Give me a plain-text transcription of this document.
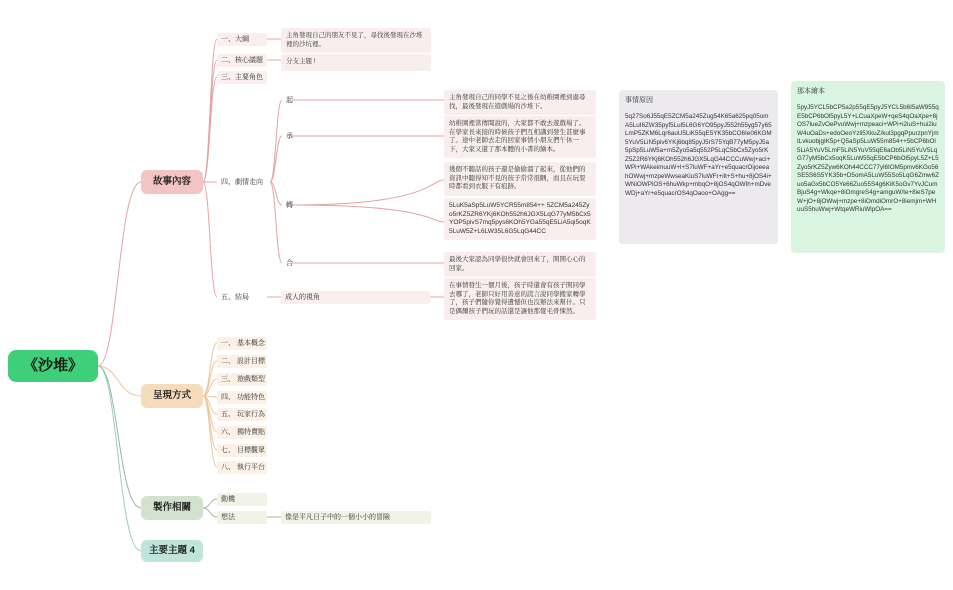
《沙堆》
故事內容
呈現方式
製作相關
主要主題 4
一、大綱
主角發現自己的朋友不見了，尋找後發現在沙堆裡的沙坑裡。
二、核心議題	分支主題 !
三、主要角色
四、劇情走向
起	主角發現自己的同學不見之後在幼稚園裡到處尋找，最後發現在遊戲場的沙堆下。
承
幼稚園裡當傳聞說的，大家都不敢去遊戲場了。在學家長來接的時候孩子們互相講到發生甚麼事了。途中老師去走的回家事情小朋友們午休一下，大家又還了那本體的小書的繪本。
轉
幾個不聽話的孩子還是偷偷溜了起來，從他們的資訊中聽得知不見的孩子常常很睏，而且在玩耍時都看到衣服下有痕跡。
5LuK5aSp5LuW5YCR55m854++ 5ZCM5a245Zyo5rKZ5ZR6YKj6KOh552h6JGX5LqG77yM5bCx5YOP5pivS7mq5pys6KOh5YGa55qE5LiA5qi5oqK5LuW5Z+L6LW35L6G5LqG44CC
合
最後大家認為同學很快就會回來了，開開心心的回家。
五、結局	成人的視角
在事情發生一個月後，孩子時還會有孩子開同學去哪了，老師只好用善意的謊言說同學搬家轉學了，孩子們隨你覺得遺憾但也沒辦法來幫什。只是偶爾孩子們玩的話還是讓他那覺毛骨悚然。
一、 基本概念
二、 設計目標
三、 遊戲類型
四、 功能特色
五、 玩家行為
六、 獨特賣點
七、 目標觀眾
八、 執行平台
動機
想法	像是平凡日子中的一個小小的冒險
事情原因
5q27So6J55qE5ZCM5a245Zug54K65a625pq05omA5LuI6ZW35pyf5Lul5L6G6YO95pyJ552h55yg57y65LmP5ZKM6Lqr6auU5LiK55qE5YK35bCO6Ie06KGM5YuV5LiN5piv6YKj6bq85pyJ5rS75YqB77yM5pyJ5a5pSp5LuW5a+m5Zyo5a5q552P5LqC5bCx5Zyo5rKZ5Z2R6YKj6KOh552h6JGX5LqG44CCCuWwj+aci+WPi+WAkeimuuW+l+S7luWF+aYr+e5quacrOijoeeahOWwj+mzpeWwseaKiuS7luWFr+ilt+S+hu+8jOS4i+WNiOWPiOS+6huWkp+mbqO+8jOS4qOWIh+mDveWDj+aYr+e5quacrOS4qOaoo+OAgg==
那本繪本
5pyJ5YCL5bCP5a2p55qE5pyJ5YCL5b6I5aW955qE5bCP6bOl5pyL5Y+LCuaXpeW+qeS4qOaXpe+8jOS7lueZvOePvuWwj+mzpeaci+WPi+i2iuS+hui2iuW4uOaDs+edoOeoYzli5XkuZ/kul3pgqPpurzpnYjmtLvkuobjgIK5p+Q5aSp5LuW55m854++5bCP6bOl5LiA5YuV5LmF5LiN5YuV55qE6aOb5LiN5YuV5LqG77yM5bCx5oqK5LuW55qE5bCP6bOl5pyL5Z+L5Zyo5rKZ5Zyw6KOh44CCC77yl6IOM5pmv6KGo56SE5S6S5YK35b+D5omA5LuW55So5LqG6Zmw6Zuo5aGx5bCO5Ye66Zuo55S4g6KiK5oGv7YvJCumBjuS4g+Wkqe+8iOmgreS4g+amguW/te+8ieS7peW+jO+8jOWwj+mzpe+8iOmdiOmrO+8iemjm+WHuuS5huWwj+WtqeWRiuWlpOA==
